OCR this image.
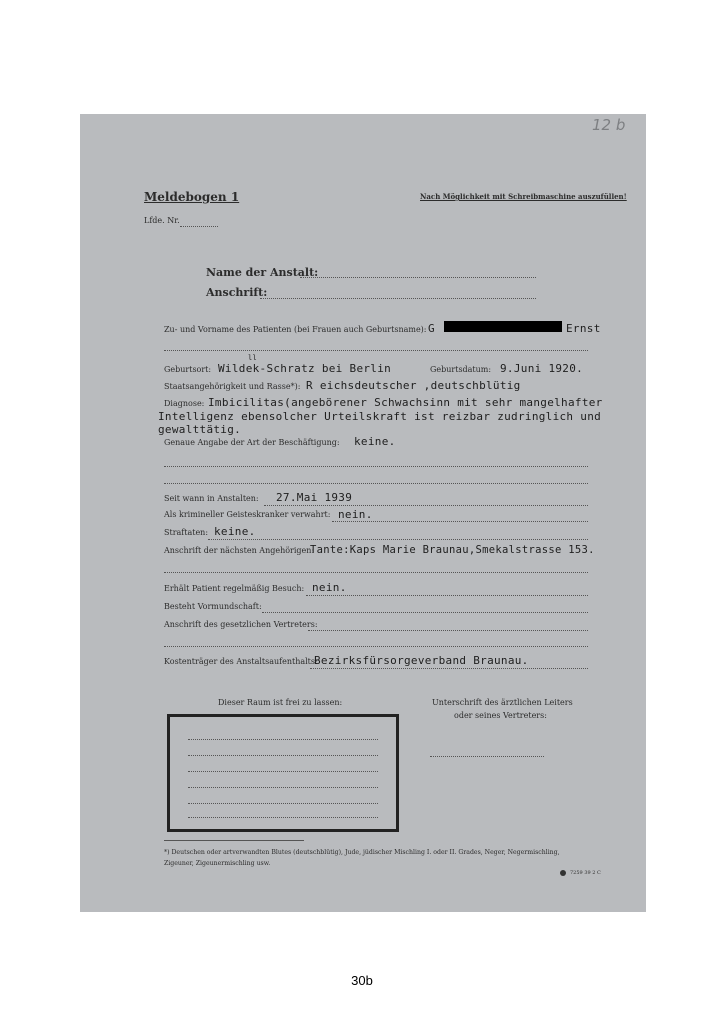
12 b
Meldebogen 1	Nach Möglichkeit mit Schreibmaschine auszufüllen!
Lfde. Nr.
Name der Anstalt:
Anschrift:
Zu- und Vorname des Patienten (bei Frauen auch Geburtsname): G	Ernst
Geburtsort: Wildek-Schratz bei Berlin
ll
Geburtsdatum: 9.Juni 1920.
Staatsangehörigkeit und Rasse*): R eichsdeutscher ,deutschblütig
Diagnose: Imbicilitas(angebörener Schwachsinn mit sehr mangelhafter
Intelligenz ebensolcher Urteilskraft ist reizbar zudringlich und
gewalttätig.
Genaue Angabe der Art der Beschäftigung: keine.
Seit wann in Anstalten: 27.Mai 1939
Als krimineller Geisteskranker verwahrt: nein.
Straftaten: keine.
Anschrift der nächsten Angehörigen:
Tante:Kaps Marie Braunau,Smekalstrasse 153.
Erhält Patient regelmäßig Besuch: nein.
Besteht Vormundschaft:
Anschrift des gesetzlichen Vertreters:
Kostenträger des Anstaltsaufenthalts:
Bezirksfürsorgeverband Braunau.
Dieser Raum ist frei zu lassen:	Unterschrift des ärztlichen Leiters
oder seines Vertreters:
*) Deutschen oder artverwandten Blutes (deutschblütig), Jude, jüdischer Mischling I. oder II. Grades, Neger, Negermischling,
Zigeuner, Zigeunermischling usw.
7259 39 2 C
30b
